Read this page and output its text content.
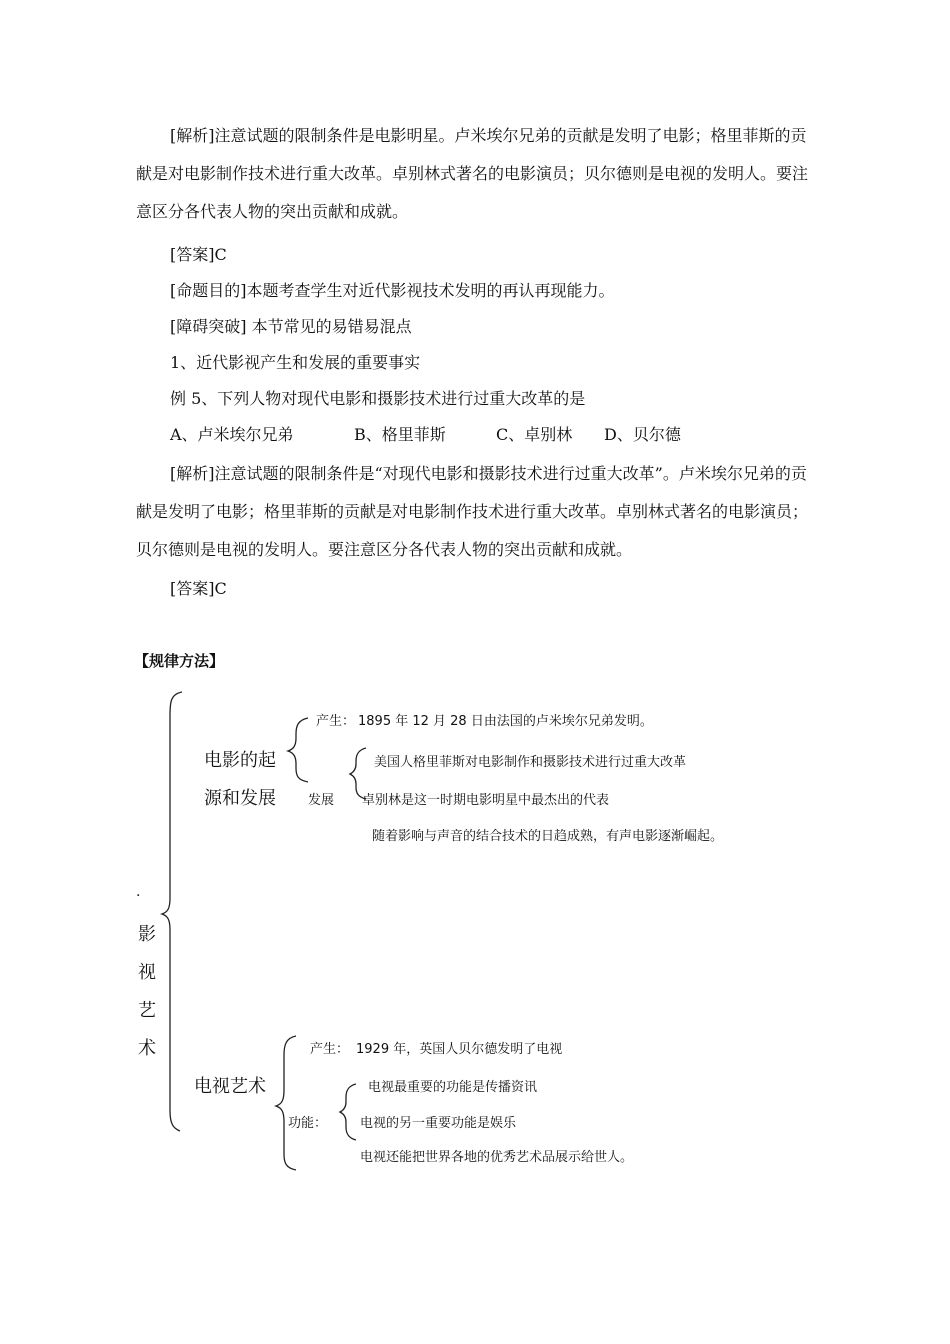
[解析]注意试题的限制条件是电影明星。卢米埃尔兄弟的贡献是发明了电影；格里菲斯的贡献是对电影制作技术进行重大改革。卓别林式著名的电影演员；贝尔德则是电视的发明人。要注意区分各代表人物的突出贡献和成就。
[答案]C
[命题目的]本题考查学生对近代影视技术发明的再认再现能力。
[障碍突破] 本节常见的易错易混点
1、近代影视产生和发展的重要事实
例 5、下列人物对现代电影和摄影技术进行过重大改革的是
A、卢米埃尔兄弟	B、格里菲斯	C、卓别林 D、贝尔德
[解析]注意试题的限制条件是“对现代电影和摄影技术进行过重大改革”。卢米埃尔兄弟的贡献是发明了电影；格里菲斯的贡献是对电影制作技术进行重大改革。卓别林式著名的电影演员；贝尔德则是电视的发明人。要注意区分各代表人物的突出贡献和成就。
[答案]C
【规律方法】
.
影
视
艺
术
电影的起
源和发展
产生： 1895 年 12 月 28 日由法国的卢米埃尔兄弟发明。
发展
美国人格里菲斯对电影制作和摄影技术进行过重大改革
卓别林是这一时期电影明星中最杰出的代表
随着影响与声音的结合技术的日趋成熟，有声电影逐渐崛起。
电视艺术
产生： 1929 年，英国人贝尔德发明了电视
功能：
电视最重要的功能是传播资讯
电视的另一重要功能是娱乐
电视还能把世界各地的优秀艺术品展示给世人。
